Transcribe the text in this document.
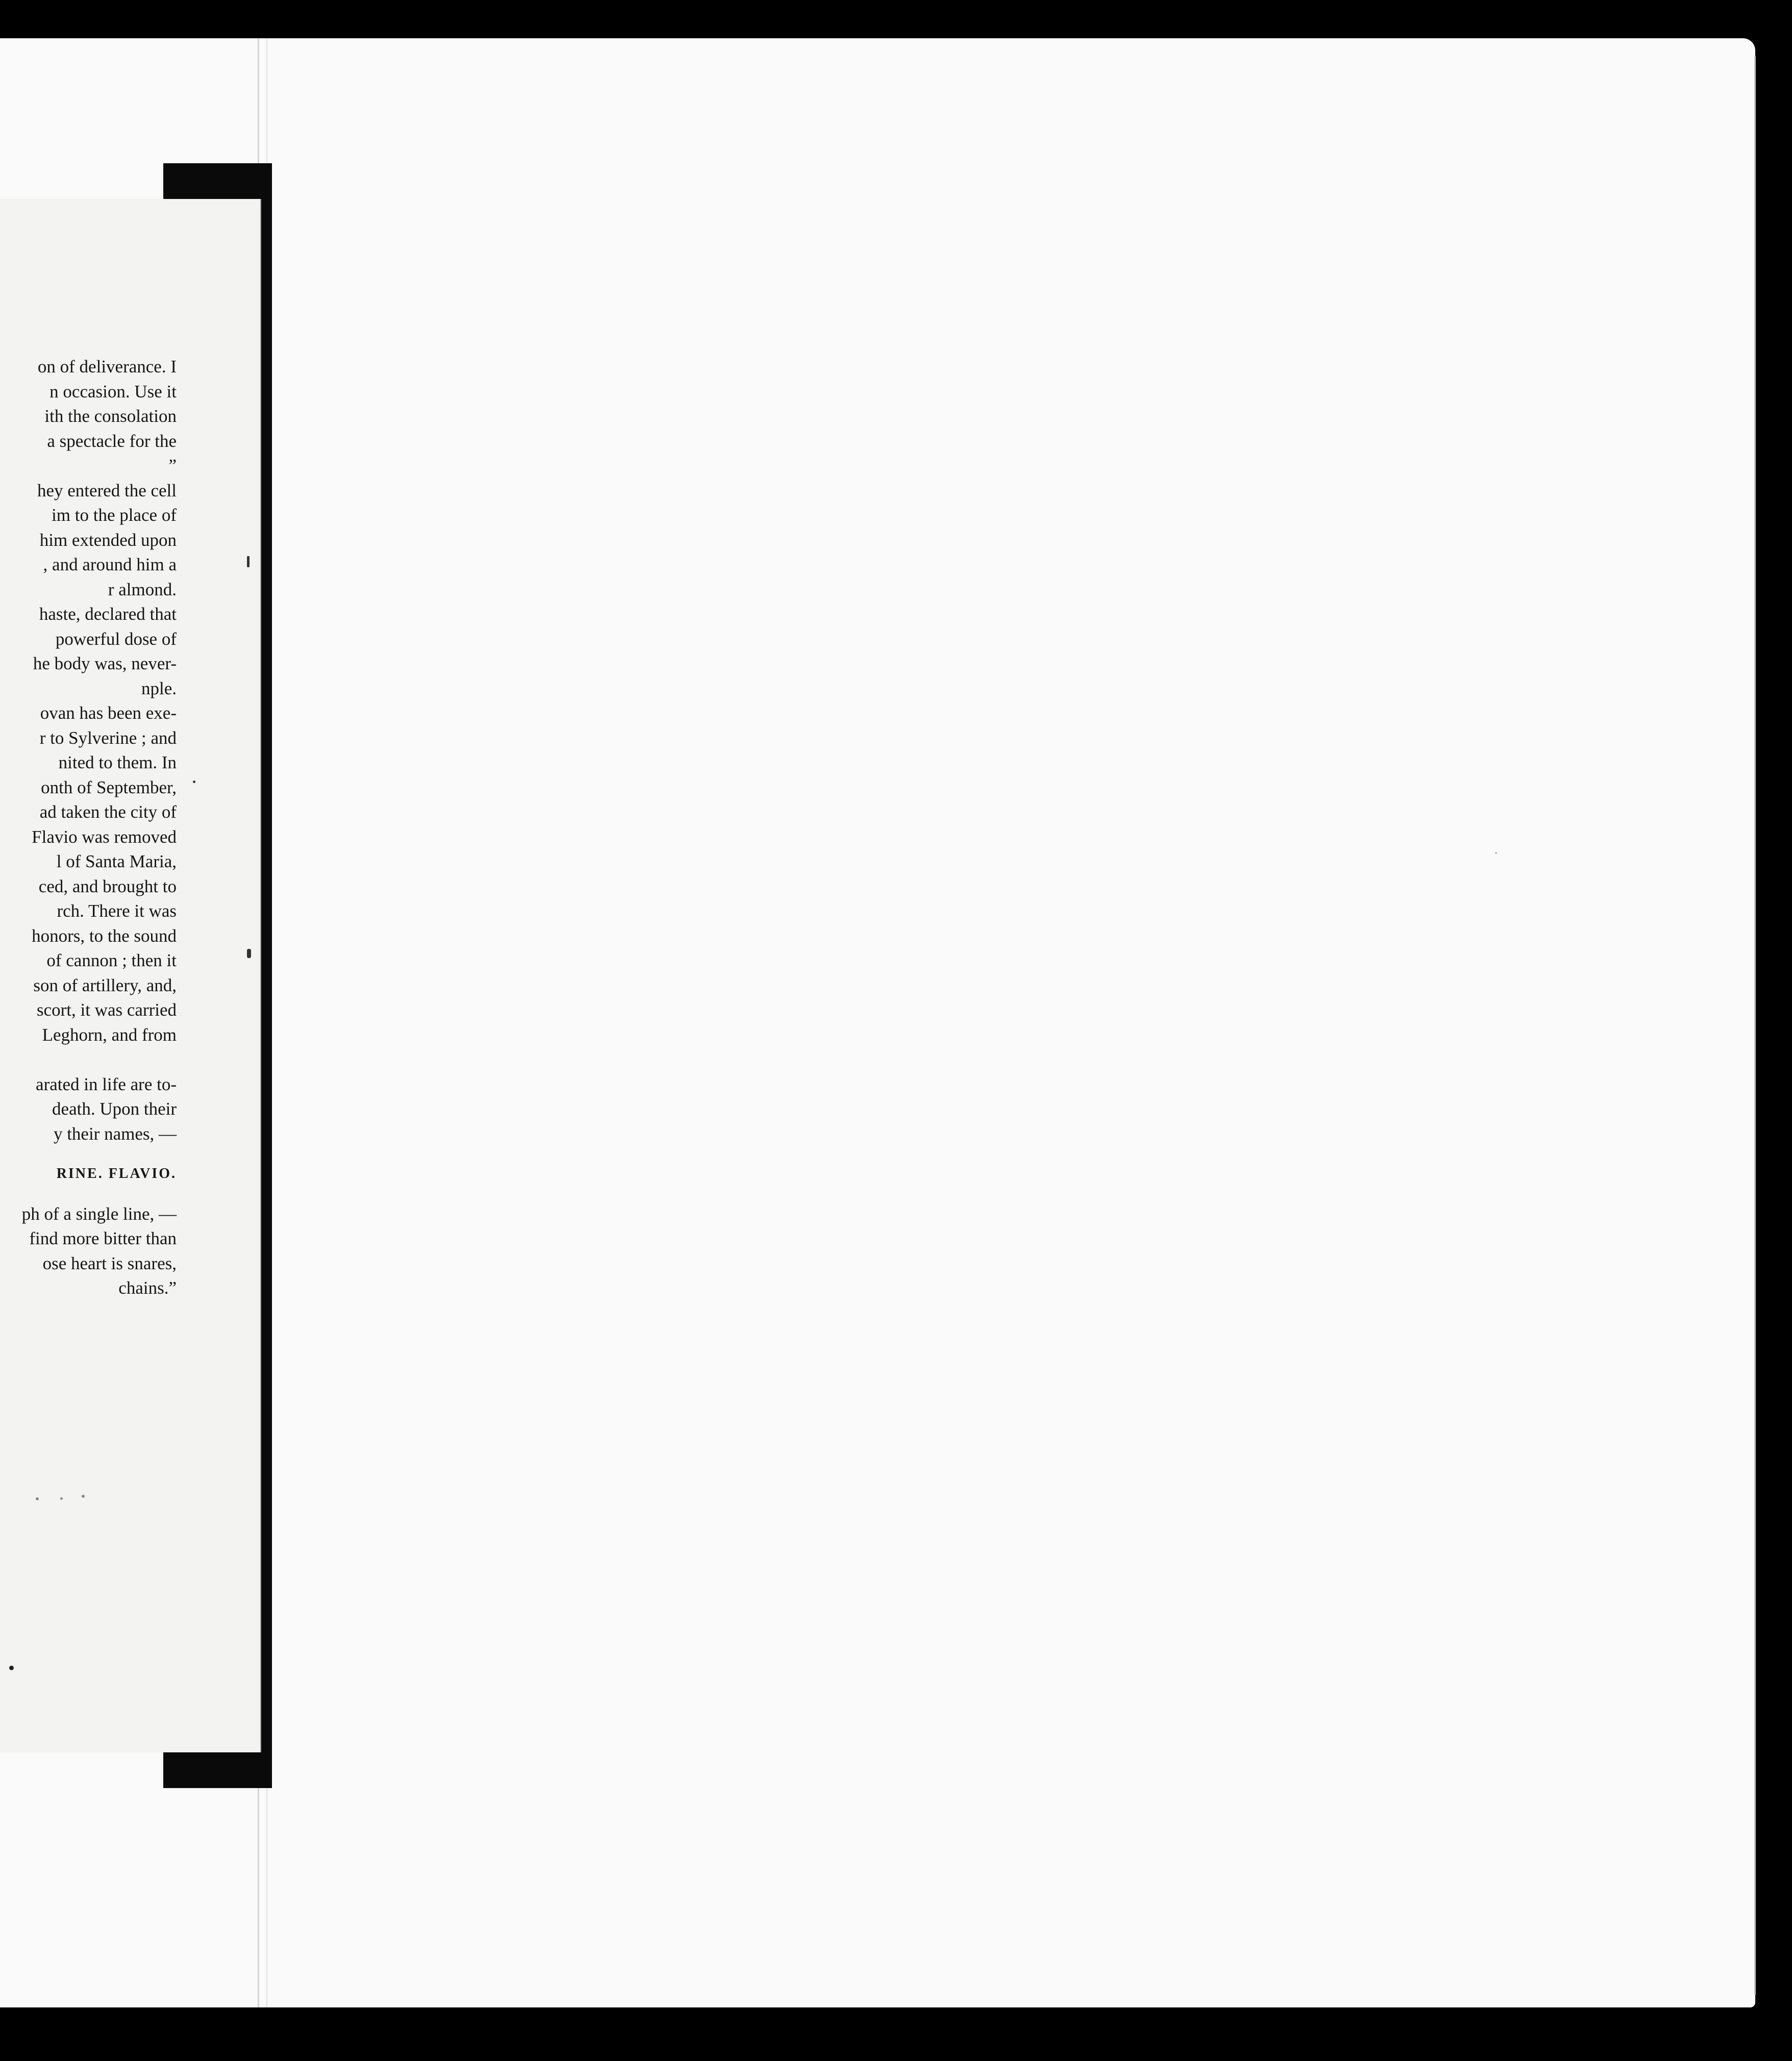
on of deliverance. I
n occasion. Use it
ith the consolation
a spectacle for the
”
hey entered the cell
im to the place of
him extended upon
, and around him a
r almond.
haste, declared that
powerful dose of
he body was, never-
nple.
ovan has been exe-
r to Sylverine ; and
nited to them. In
onth of September,
ad taken the city of
Flavio was removed
l of Santa Maria,
ced, and brought to
rch. There it was
honors, to the sound
of cannon ; then it
son of artillery, and,
scort, it was carried
Leghorn, and from
arated in life are to-
death. Upon their
y their names, —
RINE. FLAVIO.
ph of a single line, —
find more bitter than
ose heart is snares,
chains.”
